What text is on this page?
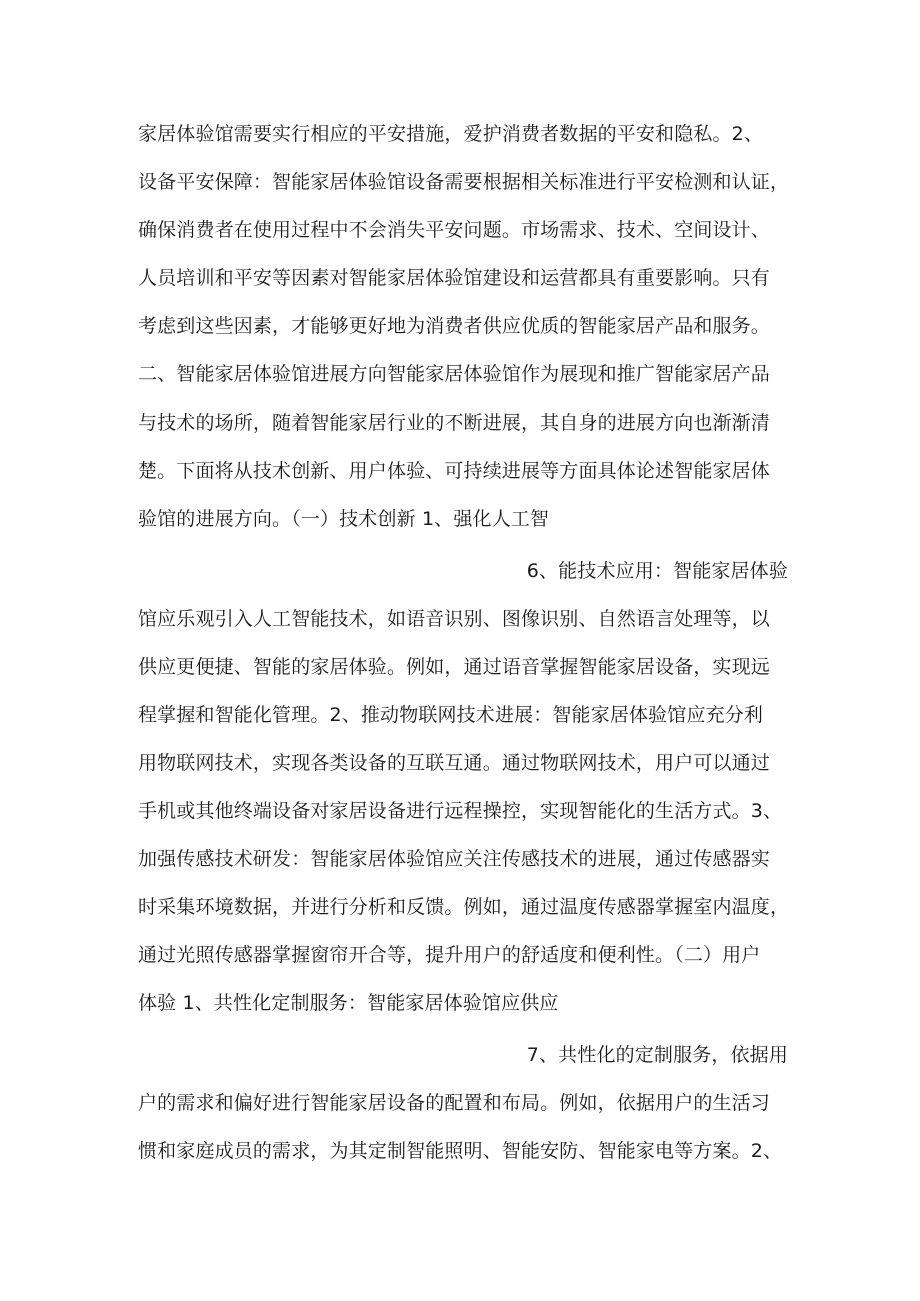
家居体验馆需要实行相应的平安措施，爱护消费者数据的平安和隐私。2、
设备平安保障：智能家居体验馆设备需要根据相关标准进行平安检测和认证，
确保消费者在使用过程中不会消失平安问题。市场需求、技术、空间设计、
人员培训和平安等因素对智能家居体验馆建设和运营都具有重要影响。只有
考虑到这些因素，才能够更好地为消费者供应优质的智能家居产品和服务。
二、智能家居体验馆进展方向智能家居体验馆作为展现和推广智能家居产品
与技术的场所，随着智能家居行业的不断进展，其自身的进展方向也渐渐清
楚。下面将从技术创新、用户体验、可持续进展等方面具体论述智能家居体
验馆的进展方向。（一）技术创新 1、强化人工智
6、能技术应用：智能家居体验
馆应乐观引入人工智能技术，如语音识别、图像识别、自然语言处理等，以
供应更便捷、智能的家居体验。例如，通过语音掌握智能家居设备，实现远
程掌握和智能化管理。2、推动物联网技术进展：智能家居体验馆应充分利
用物联网技术，实现各类设备的互联互通。通过物联网技术，用户可以通过
手机或其他终端设备对家居设备进行远程操控，实现智能化的生活方式。3、
加强传感技术研发：智能家居体验馆应关注传感技术的进展，通过传感器实
时采集环境数据，并进行分析和反馈。例如，通过温度传感器掌握室内温度，
通过光照传感器掌握窗帘开合等，提升用户的舒适度和便利性。（二）用户
体验 1、共性化定制服务：智能家居体验馆应供应
7、共性化的定制服务，依据用
户的需求和偏好进行智能家居设备的配置和布局。例如，依据用户的生活习
惯和家庭成员的需求，为其定制智能照明、智能安防、智能家电等方案。2、
